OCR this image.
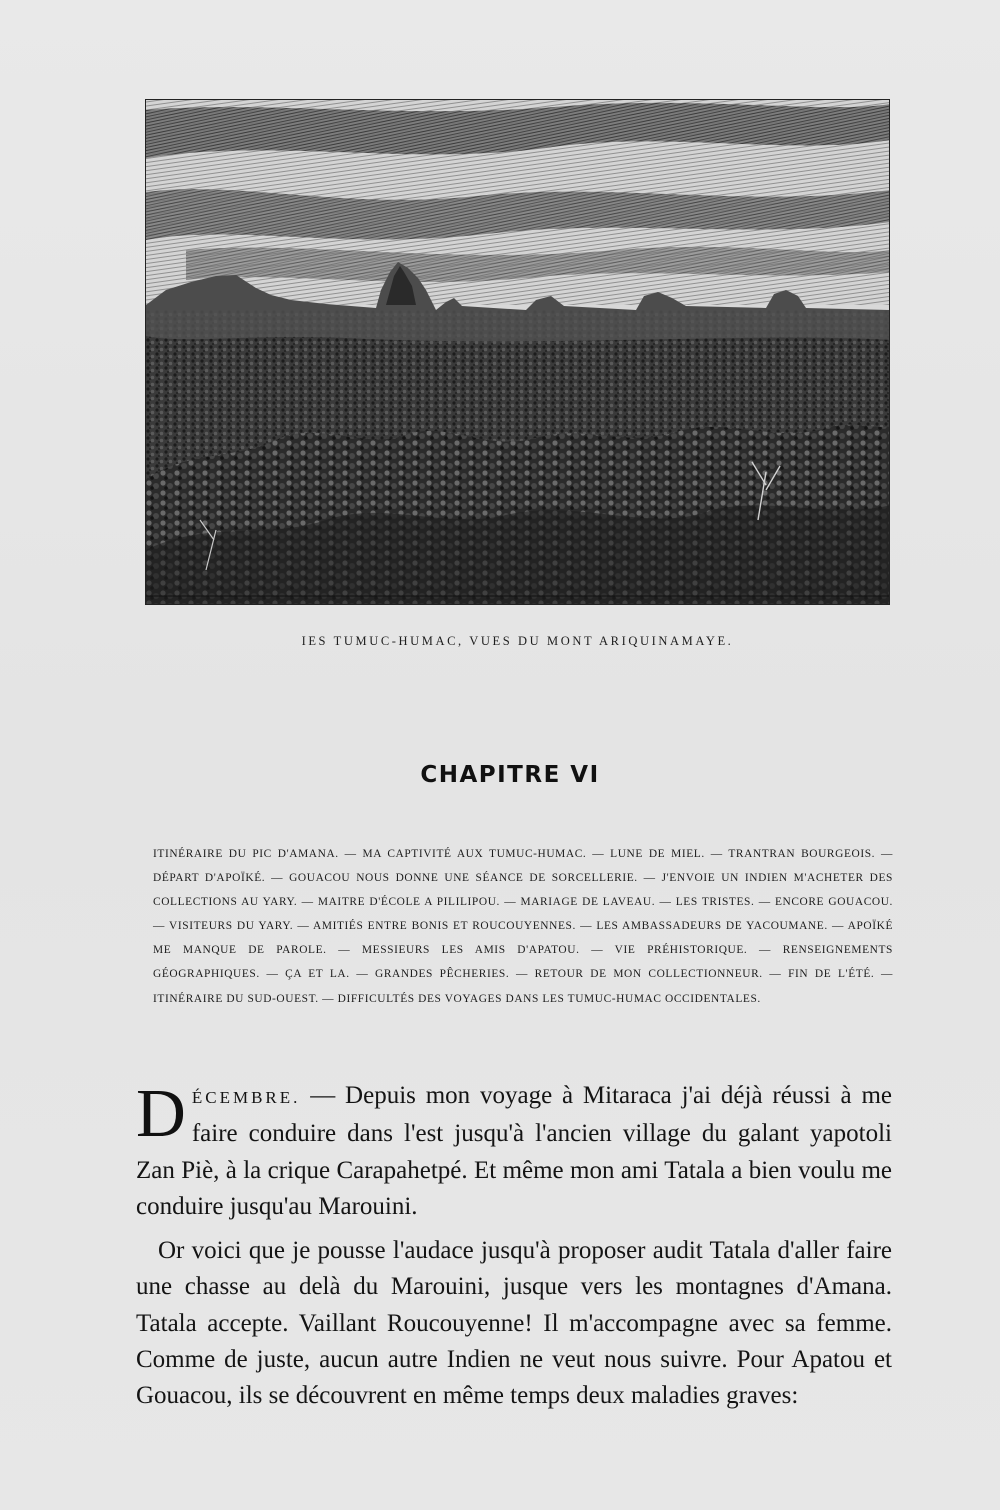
IES TUMUC-HUMAC, VUES DU MONT ARIQUINAMAYE.
CHAPITRE VI
ITINÉRAIRE DU PIC D'AMANA. — MA CAPTIVITÉ AUX TUMUC-HUMAC. — LUNE DE MIEL. — TRANTRAN BOURGEOIS. — DÉPART D'APOÏKÉ. — GOUACOU NOUS DONNE UNE SÉANCE DE SORCELLERIE. — J'ENVOIE UN INDIEN M'ACHETER DES COLLECTIONS AU YARY. — MAITRE D'ÉCOLE A PILILIPOU. — MARIAGE DE LAVEAU. — LES TRISTES. — ENCORE GOUACOU. — VISITEURS DU YARY. — AMITIÉS ENTRE BONIS ET ROUCOUYENNES. — LES AMBASSADEURS DE YACOUMANE. — APOÏKÉ ME MANQUE DE PAROLE. — MESSIEURS LES AMIS D'APATOU. — VIE PRÉHISTORIQUE. — RENSEIGNEMENTS GÉOGRAPHIQUES. — ÇA ET LA. — GRANDES PÊCHERIES. — RETOUR DE MON COLLECTIONNEUR. — FIN DE L'ÉTÉ. — ITINÉRAIRE DU SUD-OUEST. — DIFFICULTÉS DES VOYAGES DANS LES TUMUC-HUMAC OCCIDENTALES.

DÉCEMBRE. — Depuis mon voyage à Mitaraca j'ai déjà réussi à me faire conduire dans l'est jusqu'à l'ancien village du galant yapotoli Zan Piè, à la crique Carapahetpé. Et même mon ami Tatala a bien voulu me conduire jusqu'au Marouini.

Or voici que je pousse l'audace jusqu'à proposer audit Tatala d'aller faire une chasse au delà du Marouini, jusque vers les montagnes d'Amana. Tatala accepte. Vaillant Roucouyenne! Il m'accompagne avec sa femme. Comme de juste, aucun autre Indien ne veut nous suivre. Pour Apatou et Gouacou, ils se découvrent en même temps deux maladies graves:
